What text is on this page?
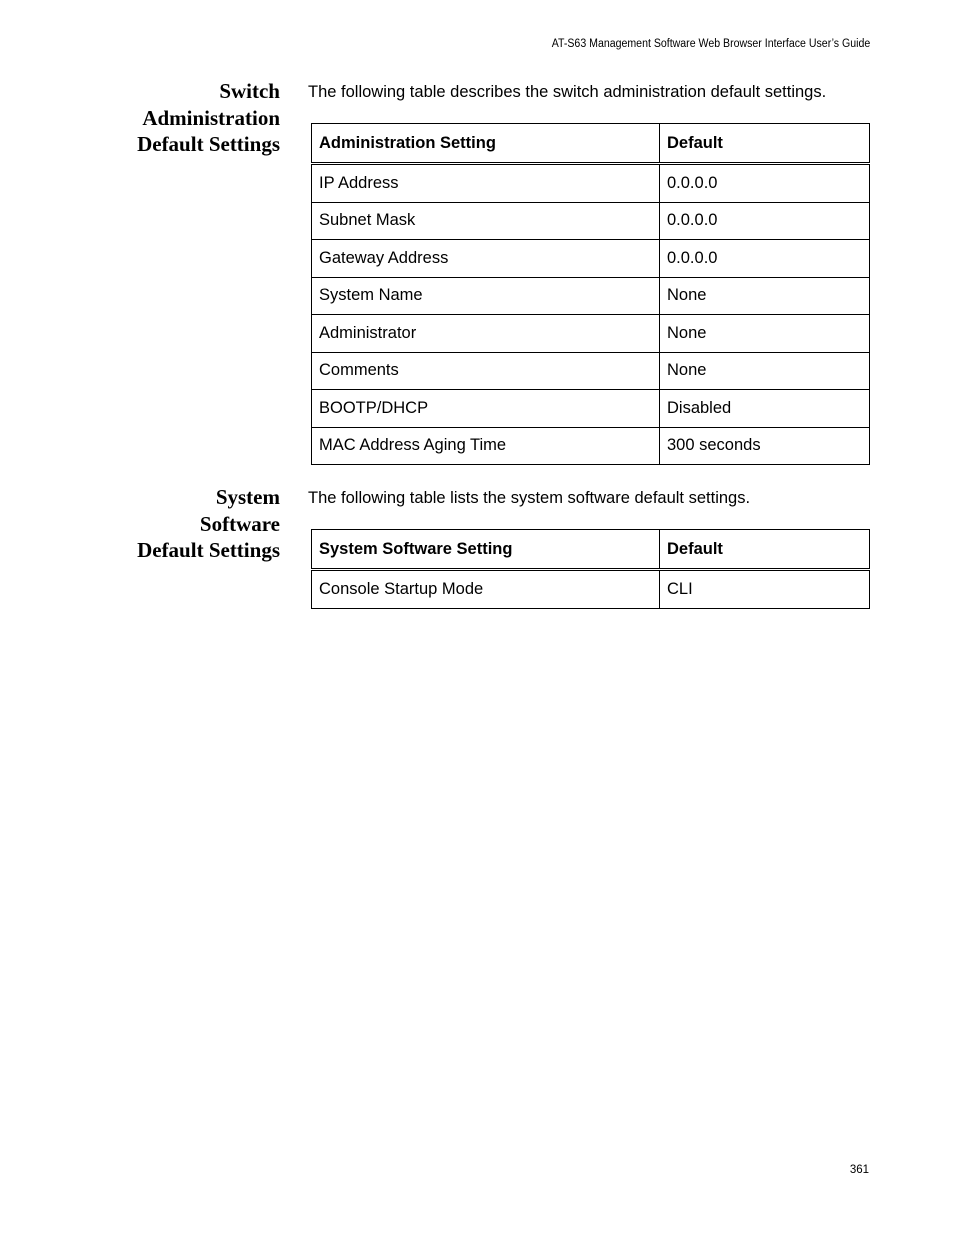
AT-S63 Management Software Web Browser Interface User’s Guide
Switch
Administration
Default Settings
The following table describes the switch administration default settings.
Administration Setting	Default
IP Address	0.0.0.0
Subnet Mask	0.0.0.0
Gateway Address	0.0.0.0
System Name	None
Administrator	None
Comments	None
BOOTP/DHCP	Disabled
MAC Address Aging Time	300 seconds
System
Software
Default Settings
The following table lists the system software default settings.
System Software Setting	Default
Console Startup Mode	CLI
361
